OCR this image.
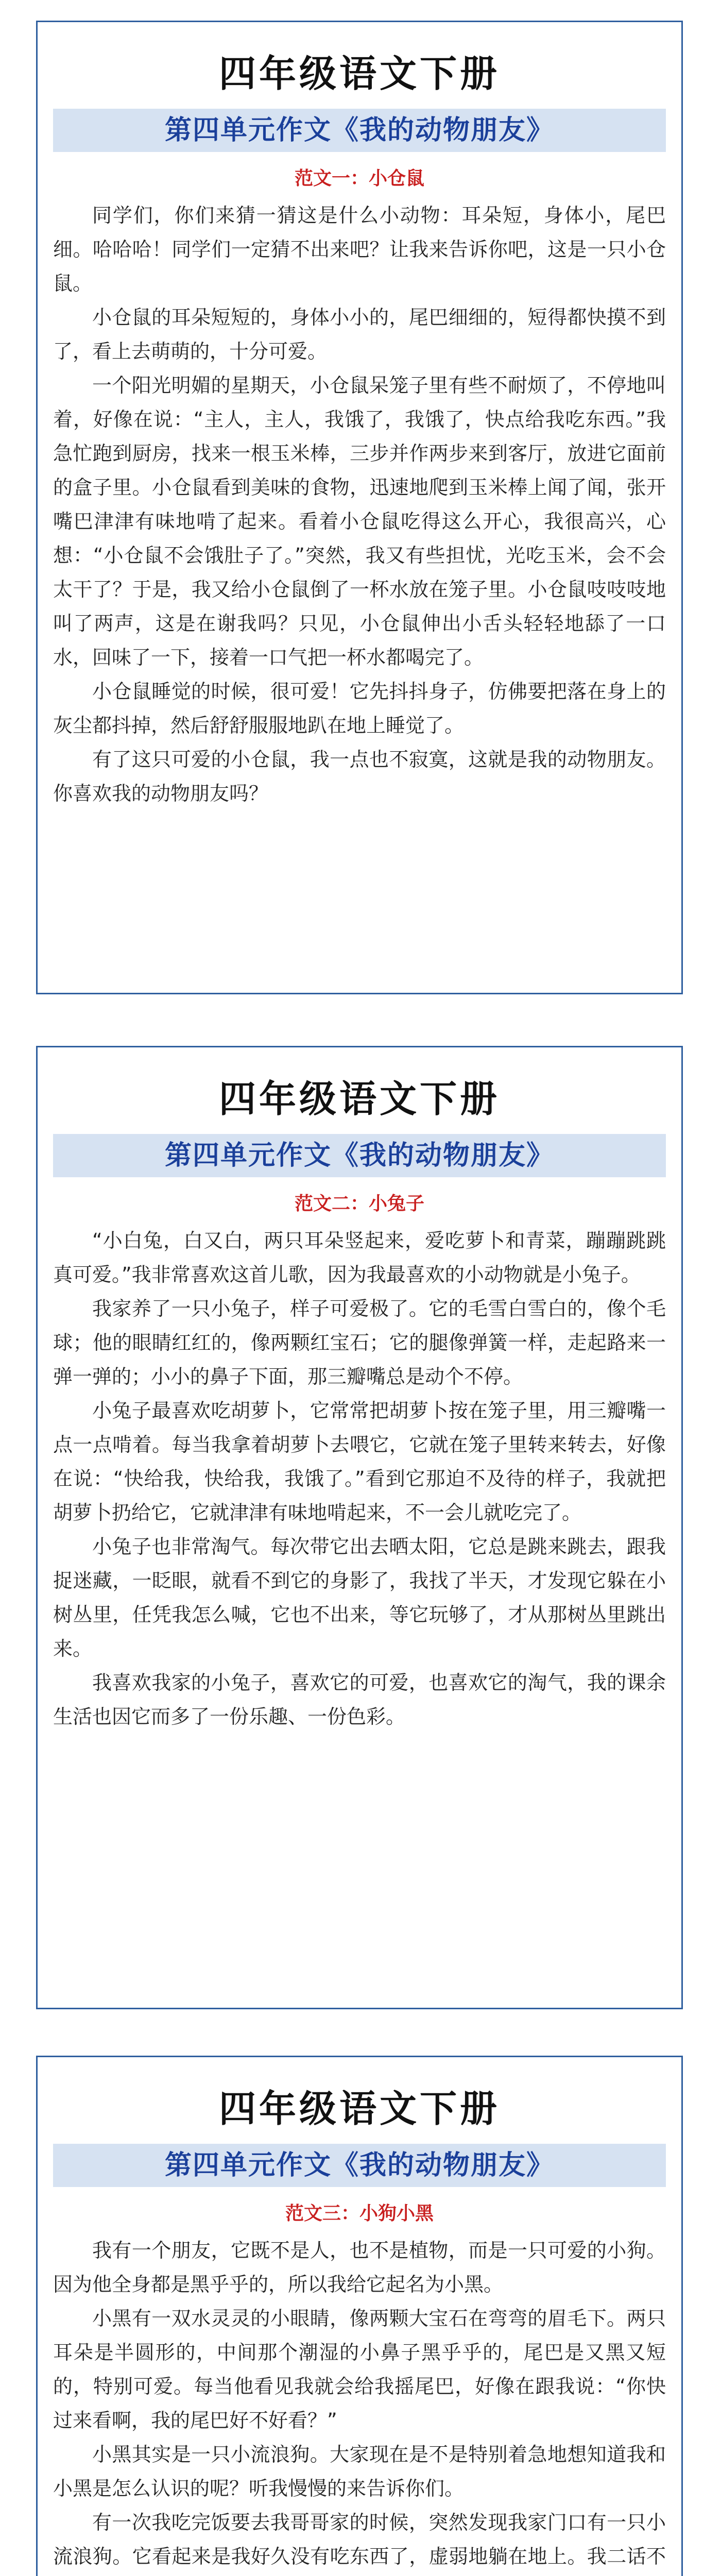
四年级语文下册
第四单元作文《我的动物朋友》
范文一：小仓鼠

同学们，你们来猜一猜这是什么小动物：耳朵短，身体小，尾巴细。哈哈哈！同学们一定猜不出来吧？让我来告诉你吧，这是一只小仓鼠。

小仓鼠的耳朵短短的，身体小小的，尾巴细细的，短得都快摸不到了，看上去萌萌的，十分可爱。

一个阳光明媚的星期天，小仓鼠呆笼子里有些不耐烦了，不停地叫着，好像在说：“主人，主人，我饿了，我饿了，快点给我吃东西。”我急忙跑到厨房，找来一根玉米棒，三步并作两步来到客厅，放进它面前的盒子里。小仓鼠看到美味的食物，迅速地爬到玉米棒上闻了闻，张开嘴巴津津有味地啃了起来。看着小仓鼠吃得这么开心，我很高兴，心想：“小仓鼠不会饿肚子了。”突然，我又有些担忧，光吃玉米，会不会太干了？于是，我又给小仓鼠倒了一杯水放在笼子里。小仓鼠吱吱吱地叫了两声，这是在谢我吗？只见，小仓鼠伸出小舌头轻轻地舔了一口水，回味了一下，接着一口气把一杯水都喝完了。

小仓鼠睡觉的时候，很可爱！它先抖抖身子，仿佛要把落在身上的灰尘都抖掉，然后舒舒服服地趴在地上睡觉了。

有了这只可爱的小仓鼠，我一点也不寂寞，这就是我的动物朋友。你喜欢我的动物朋友吗？

四年级语文下册
第四单元作文《我的动物朋友》
范文二：小兔子

“小白兔，白又白，两只耳朵竖起来，爱吃萝卜和青菜，蹦蹦跳跳真可爱。”我非常喜欢这首儿歌，因为我最喜欢的小动物就是小兔子。

我家养了一只小兔子，样子可爱极了。它的毛雪白雪白的，像个毛球；他的眼睛红红的，像两颗红宝石；它的腿像弹簧一样，走起路来一弹一弹的；小小的鼻子下面，那三瓣嘴总是动个不停。

小兔子最喜欢吃胡萝卜，它常常把胡萝卜按在笼子里，用三瓣嘴一点一点啃着。每当我拿着胡萝卜去喂它，它就在笼子里转来转去，好像在说：“快给我，快给我，我饿了。”看到它那迫不及待的样子，我就把胡萝卜扔给它，它就津津有味地啃起来，不一会儿就吃完了。

小兔子也非常淘气。每次带它出去晒太阳，它总是跳来跳去，跟我捉迷藏，一眨眼，就看不到它的身影了，我找了半天，才发现它躲在小树丛里，任凭我怎么喊，它也不出来，等它玩够了，才从那树丛里跳出来。

我喜欢我家的小兔子，喜欢它的可爱，也喜欢它的淘气，我的课余生活也因它而多了一份乐趣、一份色彩。

四年级语文下册
第四单元作文《我的动物朋友》
范文三：小狗小黑

我有一个朋友，它既不是人，也不是植物，而是一只可爱的小狗。因为他全身都是黑乎乎的，所以我给它起名为小黑。

小黑有一双水灵灵的小眼睛，像两颗大宝石在弯弯的眉毛下。两只耳朵是半圆形的，中间那个潮湿的小鼻子黑乎乎的，尾巴是又黑又短的，特别可爱。每当他看见我就会给我摇尾巴，好像在跟我说：“你快过来看啊，我的尾巴好不好看？”

小黑其实是一只小流浪狗。大家现在是不是特别着急地想知道我和小黑是怎么认识的呢？听我慢慢的来告诉你们。

有一次我吃完饭要去我哥哥家的时候，突然发现我家门口有一只小流浪狗。它看起来是我好久没有吃东西了，虚弱地躺在地上。我二话不
